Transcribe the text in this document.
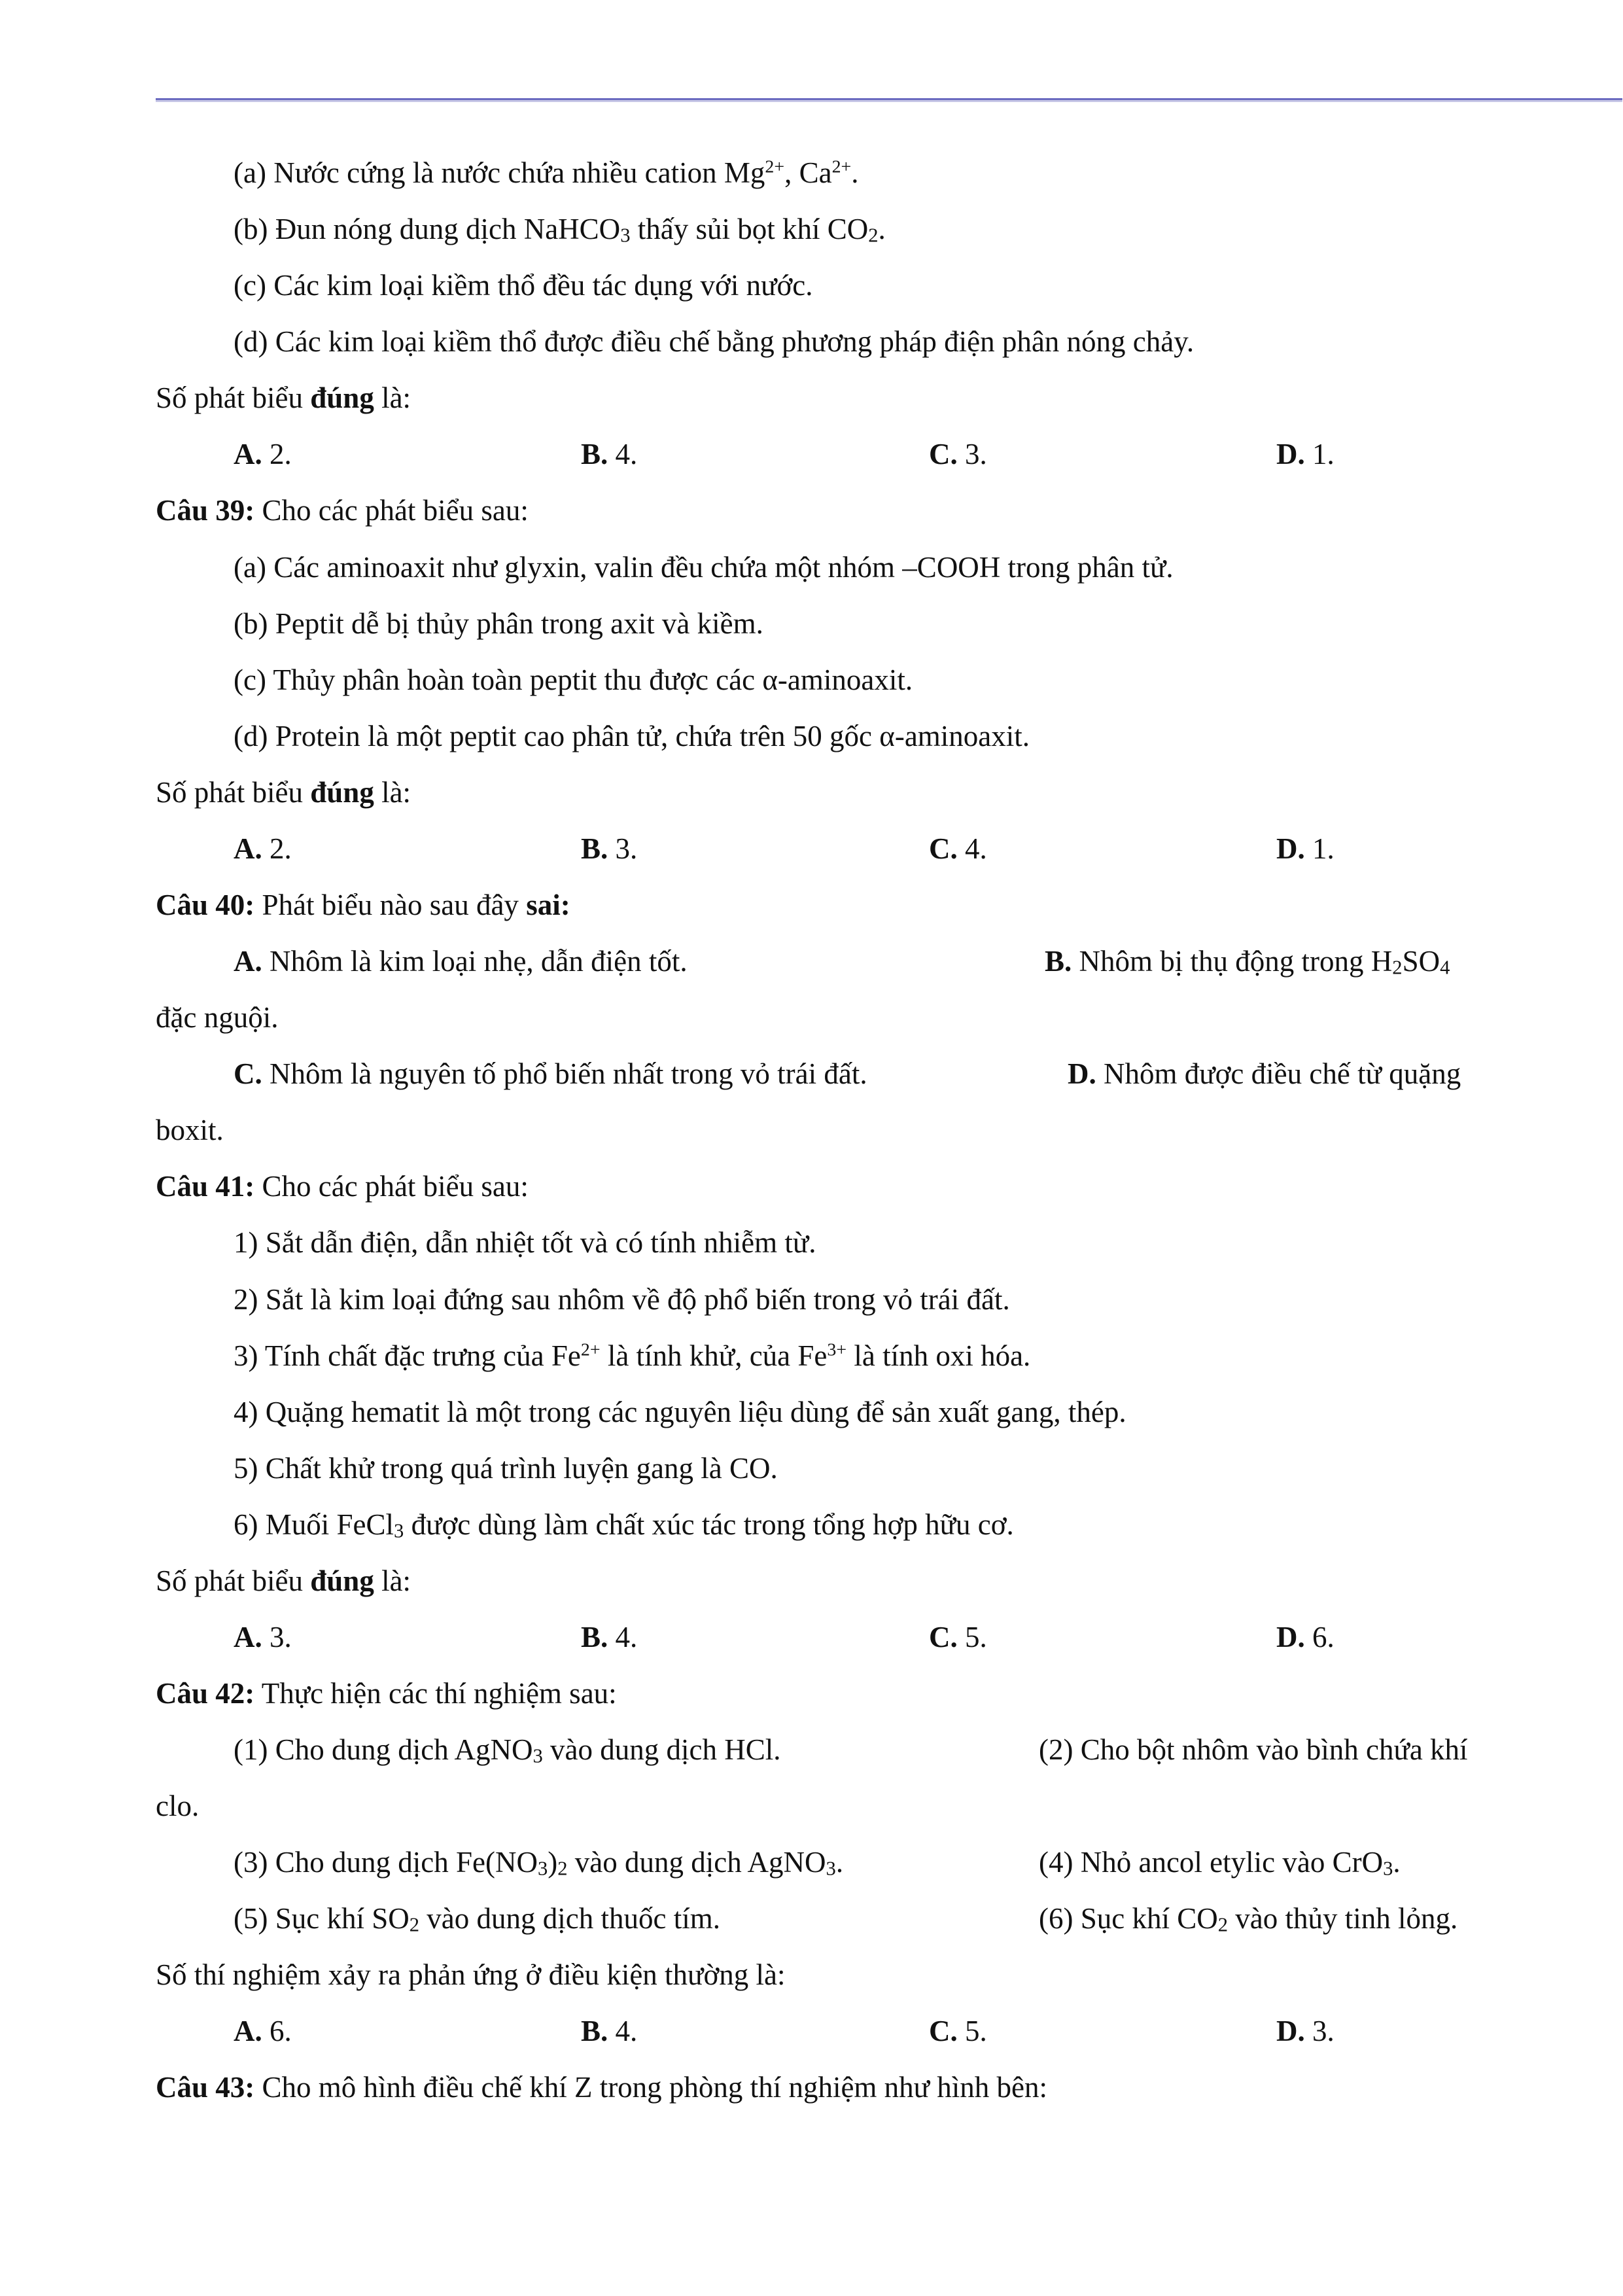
(a) Nước cứng là nước chứa nhiều cation $Mg^{2+}$, $Ca^{2+}$.
(b) Đun nóng dung dịch NaHCO$_3$ thấy sủi bọt khí $CO_2$.
(c) Các kim loại kiềm thổ đều tác dụng với nước.
(d) Các kim loại kiềm thổ được điều chế bằng phương pháp điện phân nóng chảy.
Số phát biểu đúng là:
A. 2.	B. 4.	C. 3.	D. 1.
Câu 39: Cho các phát biểu sau:
(a) Các aminoaxit như glyxin, valin đều chứa một nhóm –COOH trong phân tử.
(b) Peptit dễ bị thủy phân trong axit và kiềm.
(c) Thủy phân hoàn toàn peptit thu được các α-aminoaxit.
(d) Protein là một peptit cao phân tử, chứa trên 50 gốc α-aminoaxit.
Số phát biểu đúng là:
A. 2.	B. 3.	C. 4.	D. 1.
Câu 40: Phát biểu nào sau đây sai:
A. Nhôm là kim loại nhẹ, dẫn điện tốt.	B. Nhôm bị thụ động trong $H_2SO_4$
đặc nguội.
C. Nhôm là nguyên tố phổ biến nhất trong vỏ trái đất.	D. Nhôm được điều chế từ quặng
boxit.
Câu 41: Cho các phát biểu sau:
1) Sắt dẫn điện, dẫn nhiệt tốt và có tính nhiễm từ.
2) Sắt là kim loại đứng sau nhôm về độ phổ biến trong vỏ trái đất.
3) Tính chất đặc trưng của $Fe^{2+}$ là tính khử, của $Fe^{3+}$ là tính oxi hóa.
4) Quặng hematit là một trong các nguyên liệu dùng để sản xuất gang, thép.
5) Chất khử trong quá trình luyện gang là CO.
6) Muối FeCl$_3$ được dùng làm chất xúc tác trong tổng hợp hữu cơ.
Số phát biểu đúng là:
A. 3.	B. 4.	C. 5.	D. 6.
Câu 42: Thực hiện các thí nghiệm sau:
(1) Cho dung dịch AgNO$_3$ vào dung dịch HCl.	(2) Cho bột nhôm vào bình chứa khí
clo.
(3) Cho dung dịch $Fe(NO_3)_2$ vào dung dịch AgNO$_3$.	(4) Nhỏ ancol etylic vào CrO$_3$.
(5) Sục khí $SO_2$ vào dung dịch thuốc tím.	(6) Sục khí $CO_2$ vào thủy tinh lỏng.
Số thí nghiệm xảy ra phản ứng ở điều kiện thường là:
A. 6.	B. 4.	C. 5.	D. 3.
Câu 43: Cho mô hình điều chế khí Z trong phòng thí nghiệm như hình bên:
